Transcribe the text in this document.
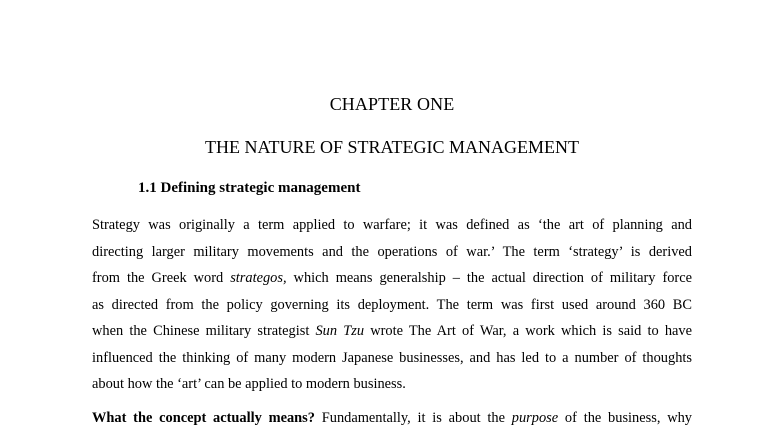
CHAPTER ONE
THE NATURE OF STRATEGIC MANAGEMENT
1.1 Defining strategic management
Strategy was originally a term applied to warfare; it was defined as ‘the art of planning and
directing larger military movements and the operations of war.’ The term ‘strategy’ is derived
from the Greek word strategos, which means generalship – the actual direction of military force
as directed from the policy governing its deployment. The term was first used around 360 BC
when the Chinese military strategist Sun Tzu wrote The Art of War, a work which is said to have
influenced the thinking of many modern Japanese businesses, and has led to a number of thoughts
about how the ‘art’ can be applied to modern business.
What the concept actually means? Fundamentally, it is about the purpose of the business, why
